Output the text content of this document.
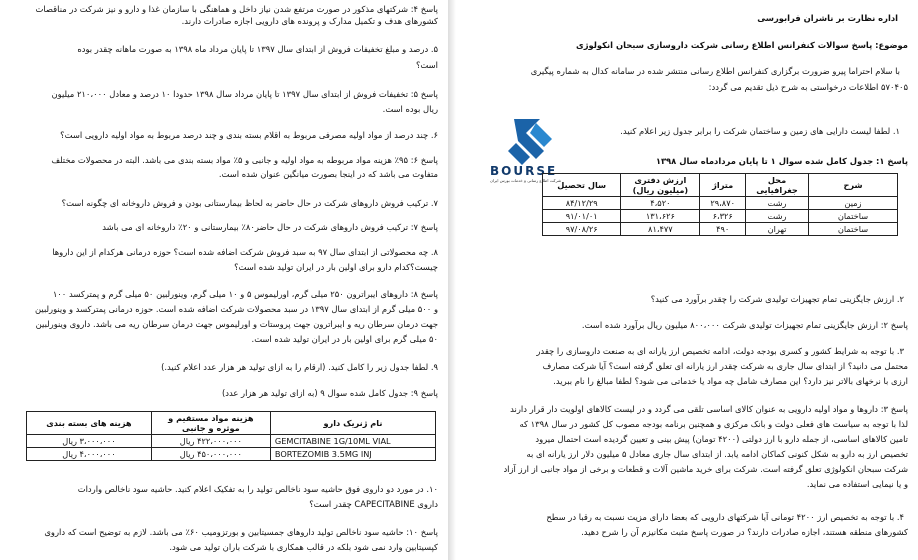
پاسخ ۴: شرکتهای مذکور در صورت مرتفع شدن نیاز داخل و هماهنگی با سازمان غذا و دارو و نیز شرکت در مناقصات
کشورهای هدف و تکمیل مدارک و پرونده های دارویی اجازه صادرات دارند.
۵. درصد و مبلغ تخفیفات فروش از ابتدای سال ۱۳۹۷ تا پایان مرداد ماه ۱۳۹۸ به صورت ماهانه چقدر بوده
است؟
پاسخ ۵: تخفیفات فروش از ابتدای سال ۱۳۹۷ تا پایان مرداد سال ۱۳۹۸ حدودا ۱۰ درصد و معادل ۲۱۰،۰۰۰ میلیون
ریال بوده است.
۶. چند درصد از مواد اولیه مصرفی مربوط به اقلام بسته بندی و چند درصد مربوط به مواد اولیه دارویی است؟
پاسخ ۶: ۹۵٪ هزینه مواد مربوطه به مواد اولیه و جانبی و ۵٪ مواد بسته بندی می باشد. البته در محصولات مختلف
متفاوت می باشد که در اینجا بصورت میانگین عنوان شده است.
۷. ترکیب فروش داروهای شرکت در حال حاضر به لحاظ بیمارستانی بودن و فروش داروخانه ای چگونه است؟
پاسخ ۷: ترکیب فروش داروهای شرکت در حال حاضر۸۰٪ بیمارستانی و ۲۰٪ داروخانه ای می باشد
۸. چه محصولاتی از ابتدای سال ۹۷ به سبد فروش شرکت اضافه شده است؟ حوزه درمانی هرکدام از این داروها
چیست؟کدام دارو برای اولین بار در ایران تولید شده است؟
پاسخ ۸: داروهای ایبراترون ۲۵۰ میلی گرم، اورلیموس ۵ و ۱۰ میلی گرم، وینورلبین ۵۰ میلی گرم و پمترکسد ۱۰۰
و ۵۰۰ میلی گرم از ابتدای سال ۱۳۹۷ در سبد محصولات شرکت اضافه شده است. حوزه درمانی پمترکسد و وینورلبین
جهت درمان سرطان ریه و ایبراترون جهت پروستات و اورلیموس جهت درمان سرطان ریه می باشد. داروی وینورلبین
۵۰ میلی گرم برای اولین بار در ایران تولید شده است.
۹. لطفا جدول زیر را کامل کنید. (ارقام را به ازای تولید هر هزار عدد اعلام کنید.)
پاسخ ۹: جدول کامل شده سوال ۹ (به ازای تولید هر هزار عدد)
نام ژنریک دارو	هزینه مواد مستقیم و موثره و جانبی	هزینه های بسته بندی
GEMCITABINE 1G/10ML VIAL	۴۲۲،۰۰۰،۰۰۰ ریال	۳،۰۰۰،۰۰۰ ریال
BORTEZOMIB 3.5MG INJ	۴۵۰،۰۰۰،۰۰۰ ریال	۴،۰۰۰،۰۰۰ ریال
۱۰. در مورد دو داروی فوق حاشیه سود ناخالص تولید را به تفکیک اعلام کنید. حاشیه سود ناخالص واردات
داروی CAPECITABINE چقدر است؟
پاسخ ۱۰: حاشیه سود ناخالص تولید داروهای جمسیتابین و بورتزومیب ۶۰٪ می باشد. لازم به توضیح است که داروی
کپسیتابین وارد نمی شود بلکه در قالب همکاری با شرکت باران تولید می شود.
اداره نظارت بر ناشران فرابورسی
موضوع: پاسخ سوالات کنفرانس اطلاع رسانی شرکت داروسازی سبحان انکولوژی
با سلام احتراما پیرو ضرورت برگزاری کنفرانس اطلاع رسانی منتشر شده در سامانه کدال به شماره پیگیری
۵۷۰۴۰۵ اطلاعات درخواستی به شرح ذیل تقدیم می گردد:
BOURSE
شرکت اطلاع رسانی و خدمات بورس ایران
۱. لطفا لیست دارایی های زمین و ساختمان شرکت را برابر جدول زیر اعلام کنید.
پاسخ ۱: جدول کامل شده سوال ۱ تا پایان مردادماه سال ۱۳۹۸
شرح	محل جغرافیایی	متراژ	ارزش دفتری (میلیون ریال)	سال تحصیل
زمین	رشت	۲۹،۸۷۰	۴،۵۲۰	۸۴/۱۲/۲۹
ساختمان	رشت	۶،۳۲۶	۱۳۱،۶۲۶	۹۱/۰۱/۰۱
ساختمان	تهران	۴۹۰	۸۱،۴۷۷	۹۷/۰۸/۲۶
۲. ارزش جایگزینی تمام تجهیزات تولیدی شرکت را چقدر برآورد می کنید؟
پاسخ ۲: ارزش جایگزینی تمام تجهیزات تولیدی شرکت ۸۰۰،۰۰۰ میلیون ریال برآورد شده است.
۳. با توجه به شرایط کشور و کسری بودجه دولت، ادامه تخصیص ارز یارانه ای به صنعت داروسازی را چقدر
محتمل می دانید؟ از ابتدای سال جاری به شرکت چقدر ارز یارانه ای تعلق گرفته است؟ آیا شرکت مصارف
ارزی با نرخهای بالاتر نیز دارد؟ این مصارف شامل چه مواد یا خدماتی می شود؟ لطفا مبالغ را نام ببرید.
پاسخ ۳: داروها و مواد اولیه دارویی به عنوان کالای اساسی تلقی می گردد و در لیست کالاهای اولویت دار قرار دارند
لذا با توجه به سیاست های فعلی دولت و بانک مرکزی و همچنین برنامه بودجه مصوب کل کشور در سال ۱۳۹۸ که
تامین کالاهای اساسی، از جمله دارو با ارز دولتی (۴۲۰۰ تومان) پیش بینی و تعیین گردیده است احتمال میرود
تخصیص ارز به دارو به شکل کنونی کماکان ادامه یابد. از ابتدای سال جاری معادل ۵ میلیون دلار ارز یارانه ای به
شرکت سبحان انکولوژی تعلق گرفته است. شرکت برای خرید ماشین آلات و قطعات و برخی از مواد جانبی از ارز آزاد
و یا نیمایی استفاده می نماید.
۴. با توجه به تخصیص ارز ۴۲۰۰ تومانی آیا شرکتهای دارویی که بعضا دارای مزیت نسبت به رقبا در سطح
کشورهای منطقه هستند، اجازه صادرات دارند؟ در صورت پاسخ مثبت مکانیزم آن را شرح دهید.
